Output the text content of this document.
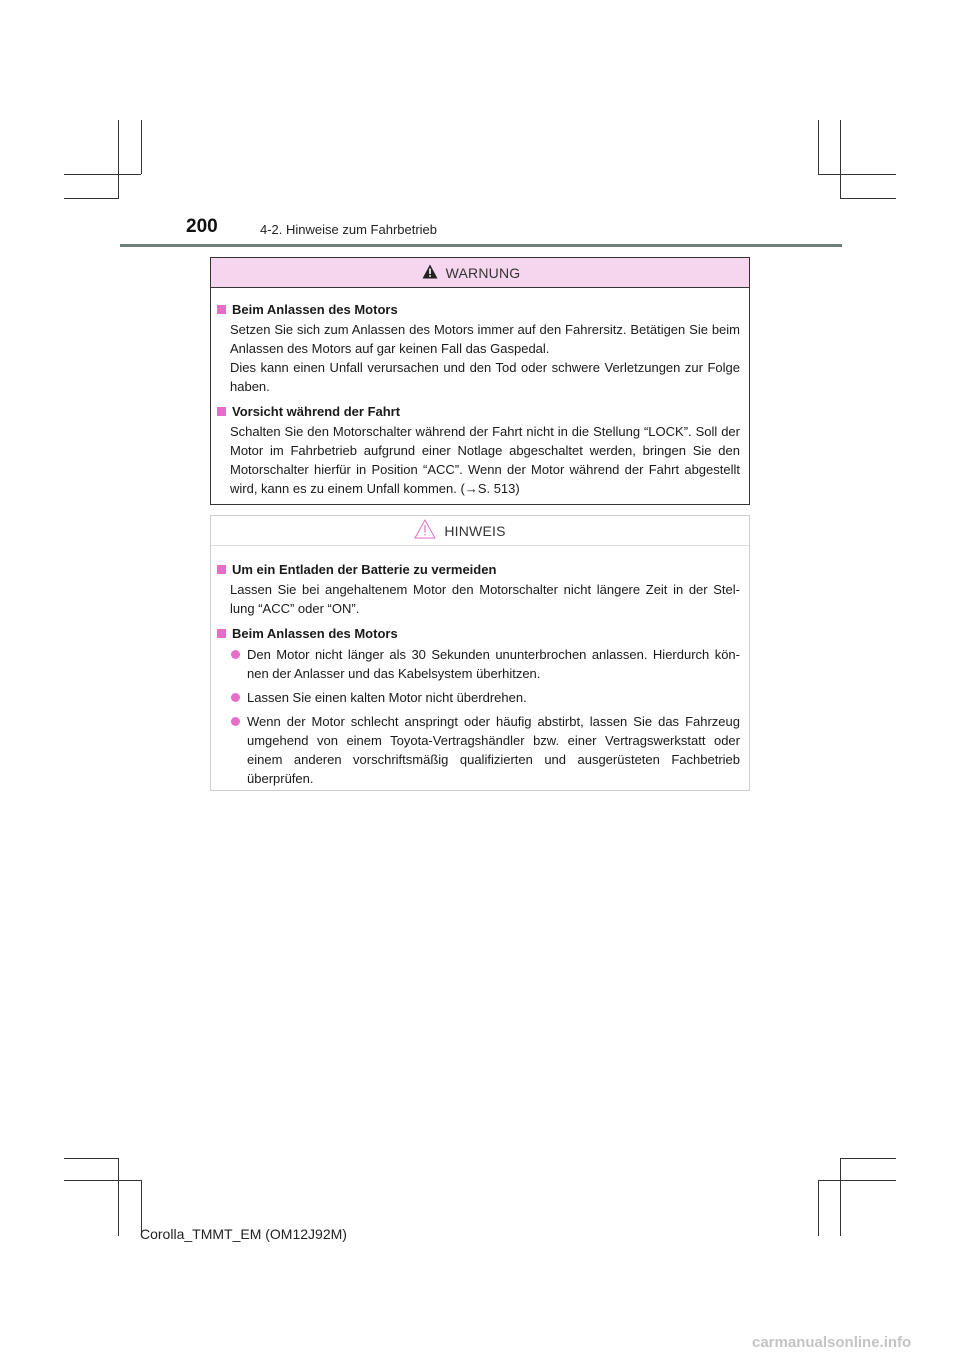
200	4-2. Hinweise zum Fahrbetrieb
WARNUNG
Beim Anlassen des Motors
Setzen Sie sich zum Anlassen des Motors immer auf den Fahrersitz. Betätigen Sie beim Anlassen des Motors auf gar keinen Fall das Gaspedal.
Dies kann einen Unfall verursachen und den Tod oder schwere Verletzungen zur Folge haben.
Vorsicht während der Fahrt
Schalten Sie den Motorschalter während der Fahrt nicht in die Stellung “LOCK”. Soll der Motor im Fahrbetrieb aufgrund einer Notlage abgeschaltet werden, bringen Sie den Motorschalter hierfür in Position “ACC”. Wenn der Motor während der Fahrt abgestellt wird, kann es zu einem Unfall kommen. (→S. 513)
HINWEIS
Um ein Entladen der Batterie zu vermeiden
Lassen Sie bei angehaltenem Motor den Motorschalter nicht längere Zeit in der Stel-lung “ACC” oder “ON”.
Beim Anlassen des Motors
Den Motor nicht länger als 30 Sekunden ununterbrochen anlassen. Hierdurch kön-nen der Anlasser und das Kabelsystem überhitzen.
Lassen Sie einen kalten Motor nicht überdrehen.
Wenn der Motor schlecht anspringt oder häufig abstirbt, lassen Sie das Fahrzeug umgehend von einem Toyota-Vertragshändler bzw. einer Vertragswerkstatt oder einem anderen vorschriftsmäßig qualifizierten und ausgerüsteten Fachbetrieb überprüfen.
Corolla_TMMT_EM (OM12J92M)
carmanualsonline.info
